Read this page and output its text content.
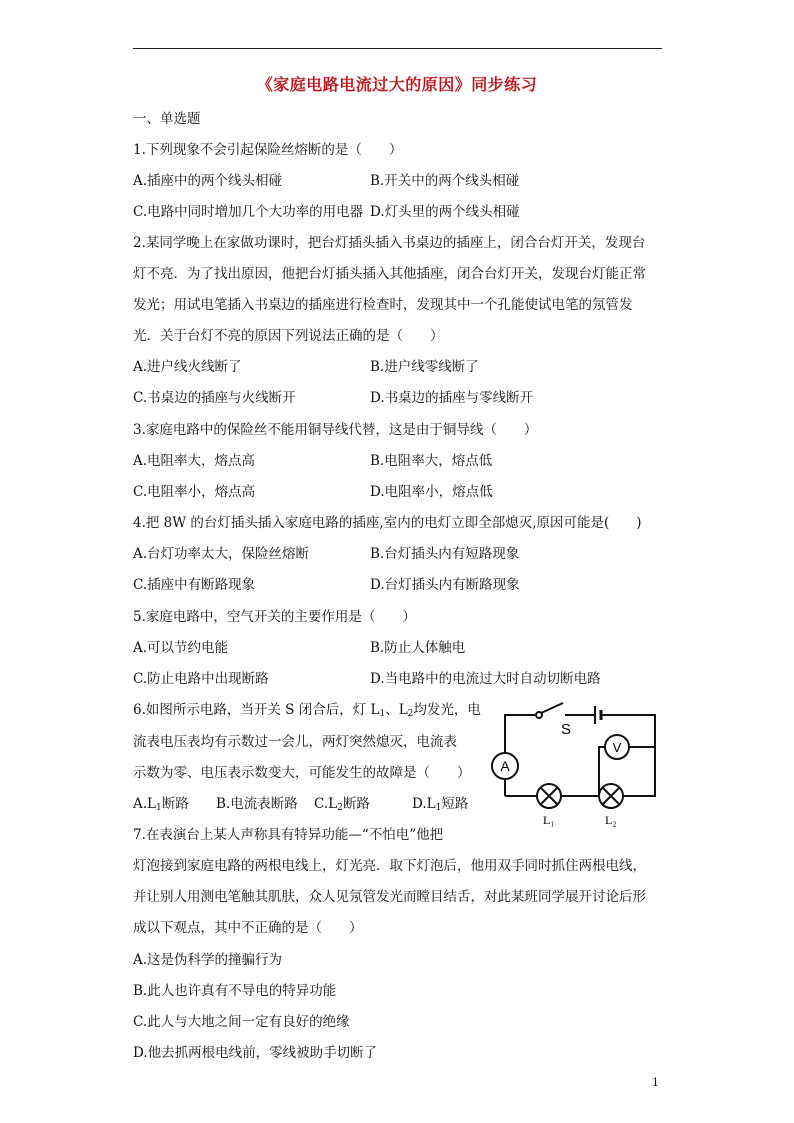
《家庭电路电流过大的原因》同步练习
一、单选题
1.下列现象不会引起保险丝熔断的是（　　）
A.插座中的两个线头相碰	B.开关中的两个线头相碰
C.电路中同时增加几个大功率的用电器 D.灯头里的两个线头相碰
2.某同学晚上在家做功课时，把台灯插头插入书桌边的插座上，闭合台灯开关，发现台
灯不亮．为了找出原因，他把台灯插头插入其他插座，闭合台灯开关，发现台灯能正常
发光；用试电笔插入书桌边的插座进行检查时，发现其中一个孔能使试电笔的氖管发
光．关于台灯不亮的原因下列说法正确的是（　　）
A.进户线火线断了	B.进户线零线断了
C.书桌边的插座与火线断开	D.书桌边的插座与零线断开
3.家庭电路中的保险丝不能用铜导线代替，这是由于铜导线（　　）
A.电阻率大，熔点高	B.电阻率大，熔点低
C.电阻率小，熔点高	D.电阻率小，熔点低
4.把 8W 的台灯插头插入家庭电路的插座,室内的电灯立即全部熄灭,原因可能是(　　)
A.台灯功率太大，保险丝熔断	B.台灯插头内有短路现象
C.插座中有断路现象	D.台灯插头内有断路现象
5.家庭电路中，空气开关的主要作用是（　　）
A.可以节约电能	B.防止人体触电
C.防止电路中出现断路	D.当电路中的电流过大时自动切断电路
6.如图所示电路，当开关 S 闭合后，灯 $L_1$、$L_2$均发光，电
流表电压表均有示数过一会儿，两灯突然熄灭，电流表
示数为零、电压表示数变大，可能发生的故障是（　　）
$A.L_1$断路 B.电流表断路 $C.L_2$断路	$D.L_1$短路
A
V
S
L₁	L₂
7.在表演台上某人声称具有特异功能—“不怕电”他把
灯泡接到家庭电路的两根电线上，灯光亮．取下灯泡后，他用双手同时抓住两根电线，
并让别人用测电笔触其肌肤，众人见氖管发光而瞠目结舌，对此某班同学展开讨论后形
成以下观点，其中不正确的是（　　）
A.这是伪科学的撞骗行为
B.此人也许真有不导电的特异功能
C.此人与大地之间一定有良好的绝缘
D.他去抓两根电线前，零线被助手切断了
1
